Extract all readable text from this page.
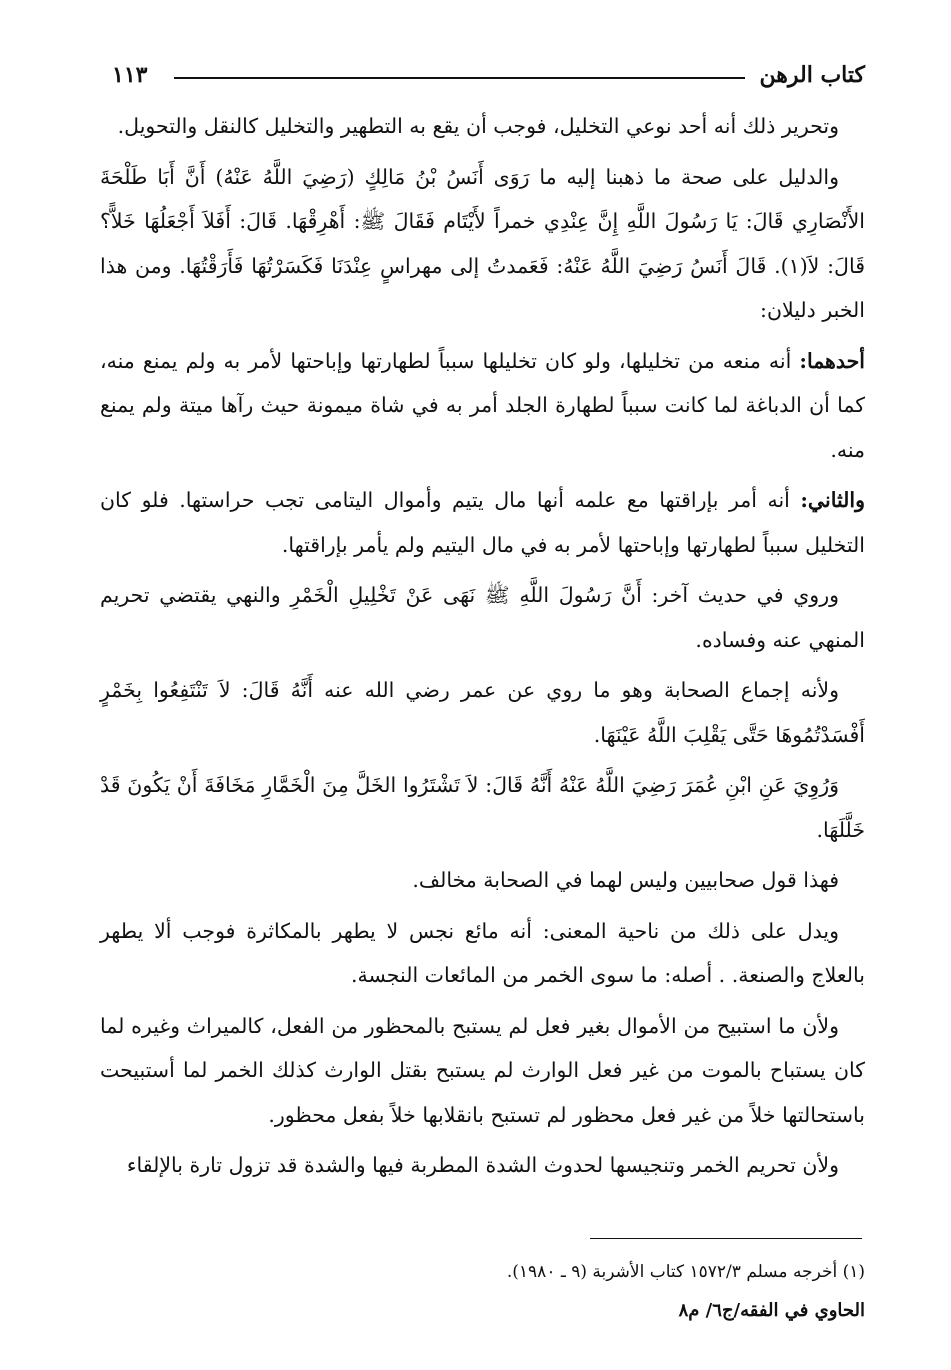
كتاب الرهن
١١٣

وتحرير ذلك أنه أحد نوعي التخليل، فوجب أن يقع به التطهير والتخليل كالنقل والتحويل.

والدليل على صحة ما ذهبنا إليه ما رَوَى أَنَسُ بْنُ مَالِكٍ (رَضِيَ اللَّهُ عَنْهُ) أَنَّ أَبَا طَلْحَةَ الأَنْصَارِي قَالَ: يَا رَسُولَ اللَّهِ إِنَّ عِنْدِي خمراً لأَيْتَام فَقَالَ ﷺ: أَهْرِقْهَا. قَالَ: أَفَلاَ أَجْعَلُهَا خَلاًّ؟ قَالَ: لاَ(١). قَالَ أَنَسُ رَضِيَ اللَّهُ عَنْهُ: فَعَمدتُ إلى مهراسٍ عِنْدَنَا فَكَسَرْتُهَا فَأَرَقْتُهَا. ومن هذا الخبر دليلان:

أحدهما: أنه منعه من تخليلها، ولو كان تخليلها سبباً لطهارتها وإباحتها لأمر به ولم يمنع منه، كما أن الدباغة لما كانت سبباً لطهارة الجلد أمر به في شاة ميمونة حيث رآها ميتة ولم يمنع منه.

والثاني: أنه أمر بإراقتها مع علمه أنها مال يتيم وأموال اليتامى تجب حراستها. فلو كان التخليل سبباً لطهارتها وإباحتها لأمر به في مال اليتيم ولم يأمر بإراقتها.

وروي في حديث آخر: أَنَّ رَسُولَ اللَّهِ ﷺ نَهَى عَنْ تَخْلِيلِ الْخَمْرِ والنهي يقتضي تحريم المنهي عنه وفساده.

ولأنه إجماع الصحابة وهو ما روي عن عمر رضي الله عنه أَنَّهُ قَالَ: لاَ تَنْتَفِعُوا بِخَمْرٍ أَفْسَدْتُمُوهَا حَتَّى يَقْلِبَ اللَّهُ عَيْنَهَا.

وَرُوِيَ عَنِ ابْنِ عُمَرَ رَضِيَ اللَّهُ عَنْهُ أَنَّهُ قَالَ: لاَ تَشْتَرُوا الخَلَّ مِنَ الْخَمَّارِ مَخَافَةَ أَنْ يَكُونَ قَدْ خَلَّلَهَا.

فهذا قول صحابيين وليس لهما في الصحابة مخالف.

ويدل على ذلك من ناحية المعنى: أنه مائع نجس لا يطهر بالمكاثرة فوجب ألا يطهر بالعلاج والصنعة. . أصله: ما سوى الخمر من المائعات النجسة.

ولأن ما استبيح من الأموال بغير فعل لم يستبح بالمحظور من الفعل، كالميراث وغيره لما كان يستباح بالموت من غير فعل الوارث لم يستبح بقتل الوارث كذلك الخمر لما أستبيحت باستحالتها خلاً من غير فعل محظور لم تستبح بانقلابها خلاً بفعل محظور.

ولأن تحريم الخمر وتنجيسها لحدوث الشدة المطربة فيها والشدة قد تزول تارة بالإلقاء

(١) أخرجه مسلم ١٥٧٢/٣ كتاب الأشربة (٩ ـ ١٩٨٠).
الحاوي في الفقه/ج٦/ م٨
